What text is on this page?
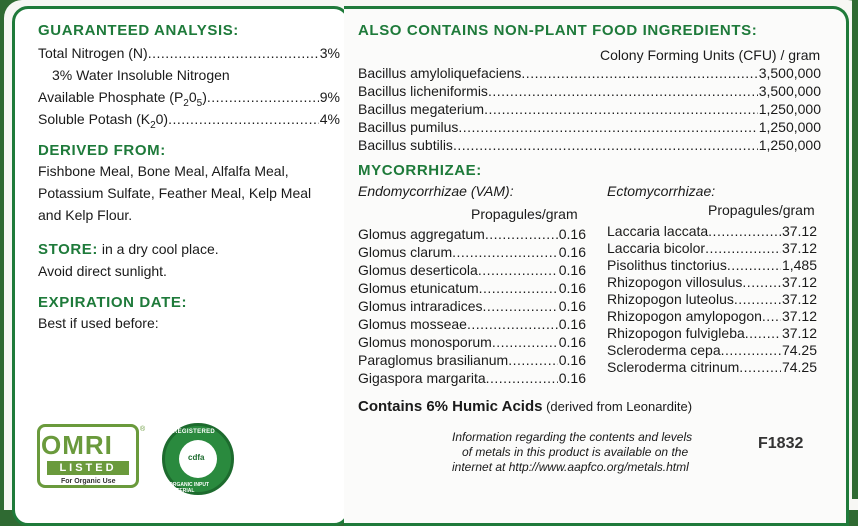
GUARANTEED ANALYSIS:
Total Nitrogen (N) .....	3%
3% Water Insoluble Nitrogen
Available Phosphate $(P_20_5)$ .....	9%
Soluble Potash $(K_20)$ .....	4%
DERIVED FROM:
Fishbone Meal, Bone Meal, Alfalfa Meal,
Potassium Sulfate, Feather Meal, Kelp Meal
and Kelp Flour.
STORE: in a dry cool place.
Avoid direct sunlight.
EXPIRATION DATE:
Best if used before:
OMRI
LISTED
For Organic Use
®
cdfa
REGISTERED
ORGANIC INPUT MATERIAL
ALSO CONTAINS NON-PLANT FOOD INGREDIENTS:
Colony Forming Units (CFU) / gram
Bacillus amyloliquefaciens .....	3,500,000
Bacillus licheniformis .....	3,500,000
Bacillus megaterium .....	1,250,000
Bacillus pumilus .....	1,250,000
Bacillus subtilis .....	1,250,000
MYCORRHIZAE:
Endomycorrhizae (VAM):
Propagules/gram
Glomus aggregatum .....	0.16
Glomus clarum .....	0.16
Glomus deserticola .....	0.16
Glomus etunicatum .....	0.16
Glomus intraradices .....	0.16
Glomus mosseae .....	0.16
Glomus monosporum .....	0.16
Paraglomus brasilianum .....	0.16
Gigaspora margarita .....	0.16
Ectomycorrhizae:
Propagules/gram
Laccaria laccata .....	37.12
Laccaria bicolor .....	37.12
Pisolithus tinctorius .....	1,485
Rhizopogon villosulus .....	37.12
Rhizopogon luteolus .....	37.12
Rhizopogon amylopogon ..... 37.12
Rhizopogon fulvigleba .....	37.12
Scleroderma cepa .....	74.25
Scleroderma citrinum .....	74.25
Contains 6% Humic Acids (derived from Leonardite)
Information regarding the contents and levels
of metals in this product is available on the
internet at http://www.aapfco.org/metals.html
F1832
